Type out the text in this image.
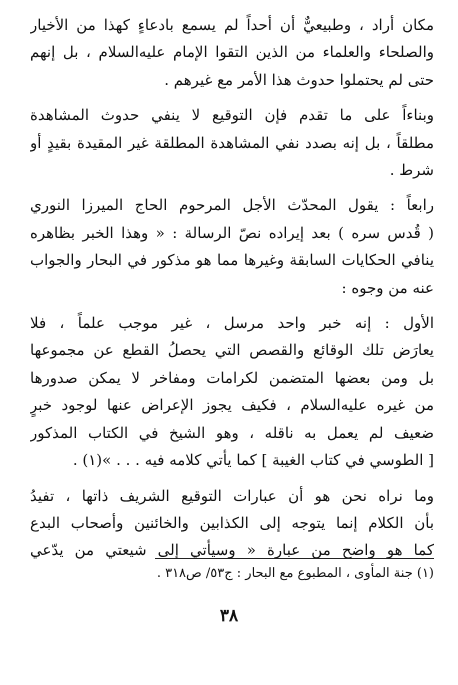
مكان أراد ، وطبيعيٌّ أن أحداً لم يسمع بادعاءٍ كهذا من الأخيار
والصلحاء والعلماء من الذين التقوا الإمام عليه‌السلام ، بل إنهم
حتى لم يحتملوا حدوث هذا الأمر مع غيرهم .
وبناءاً على ما تقدم فإن التوقيع لا ينفي حدوث المشاهدة
مطلقاً ، بل إنه بصدد نفي المشاهدة المطلقة غير المقيدة بقيدٍ أو
شرط .
رابعاً : يقول المحدّث الأجل المرحوم الحاج الميرزا النوري
( قُدس سره ) بعد إيراده نصّ الرسالة : « وهذا الخبر بظاهره
ينافي الحكايات السابقة وغيرها مما هو مذكور في البحار والجواب
عنه من وجوه :
الأول : إنه خبر واحد مرسل ، غير موجب علماً ، فلا
يعارَض تلك الوقائع والقصص التي يحصلُ القطع عن مجموعها
بل ومن بعضها المتضمن لكرامات ومفاخر لا يمكن صدورها
من غيره عليه‌السلام ، فكيف يجوز الإعراض عنها لوجود خبرٍ
ضعيف لم يعمل به ناقله ، وهو الشيخ في الكتاب المذكور
[ الطوسي في كتاب الغيبة ] كما يأتي كلامه فيه . . . »(١) .
وما نراه نحن هو أن عبارات التوقيع الشريف ذاتها ، تفيدُ
بأن الكلام إنما يتوجه إلى الكذابين والخائنين وأصحاب البدع
كما هو واضح من عبارة « وسيأتي إلى شيعتي من يدّعي
(١) جنة المأوى ، المطبوع مع البحار : ج٥٣/ ص٣١٨ .
٣٨
